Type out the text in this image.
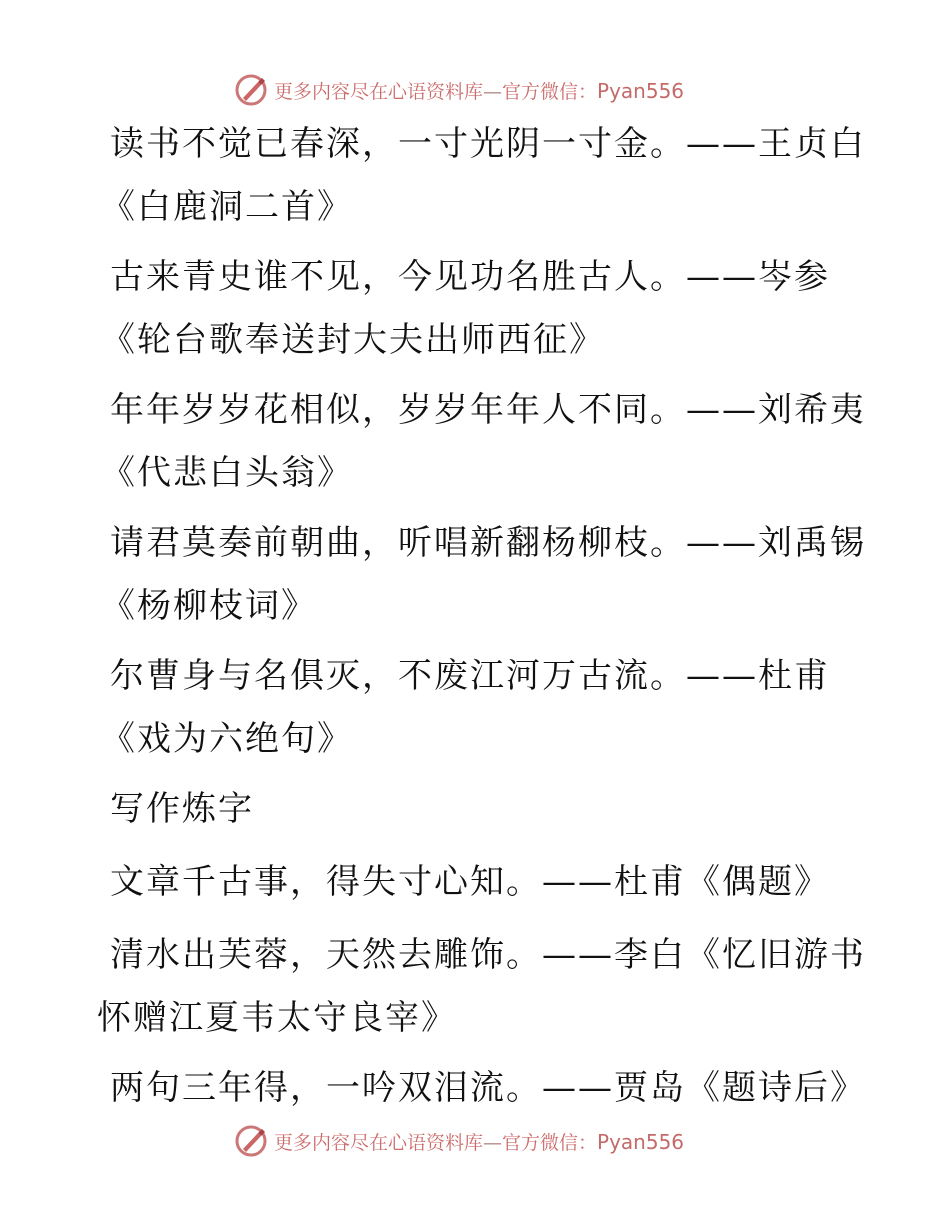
更多内容尽在心语资料库—官方微信：Pyan556
读书不觉已春深，一寸光阴一寸金。——王贞白
《白鹿洞二首》
古来青史谁不见，今见功名胜古人。——岑参
《轮台歌奉送封大夫出师西征》
年年岁岁花相似，岁岁年年人不同。——刘希夷
《代悲白头翁》
请君莫奏前朝曲，听唱新翻杨柳枝。——刘禹锡
《杨柳枝词》
尔曹身与名俱灭，不废江河万古流。——杜甫
《戏为六绝句》
写作炼字
文章千古事，得失寸心知。——杜甫《偶题》
清水出芙蓉，天然去雕饰。——李白《忆旧游书
怀赠江夏韦太守良宰》
两句三年得，一吟双泪流。——贾岛《题诗后》
更多内容尽在心语资料库—官方微信：Pyan556
